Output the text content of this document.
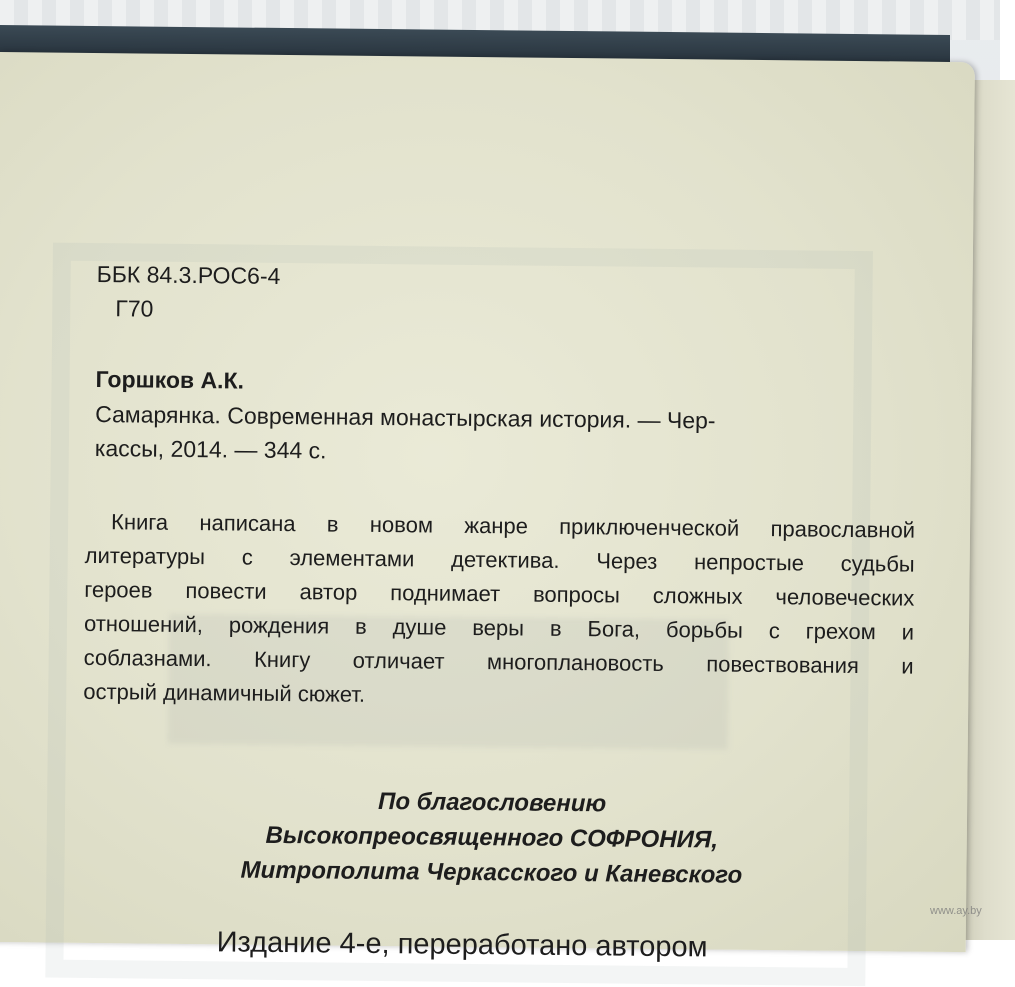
ББК 84.3.РОС6-4
Г70
Горшков А.К.
Самарянка. Современная монастырская история. — Чер-
кассы, 2014. — 344 с.
Книга написана в новом жанре приключенческой православной
литературы с элементами детектива. Через непростые судьбы
героев повести автор поднимает вопросы сложных человеческих
отношений, рождения в душе веры в Бога, борьбы с грехом и
соблазнами. Книгу отличает многоплановость повествования и
острый динамичный сюжет.
По благословению
Высокопреосвященного СОФРОНИЯ,
Митрополита Черкасского и Каневского
Издание 4-е, переработано автором
www.ay.by
